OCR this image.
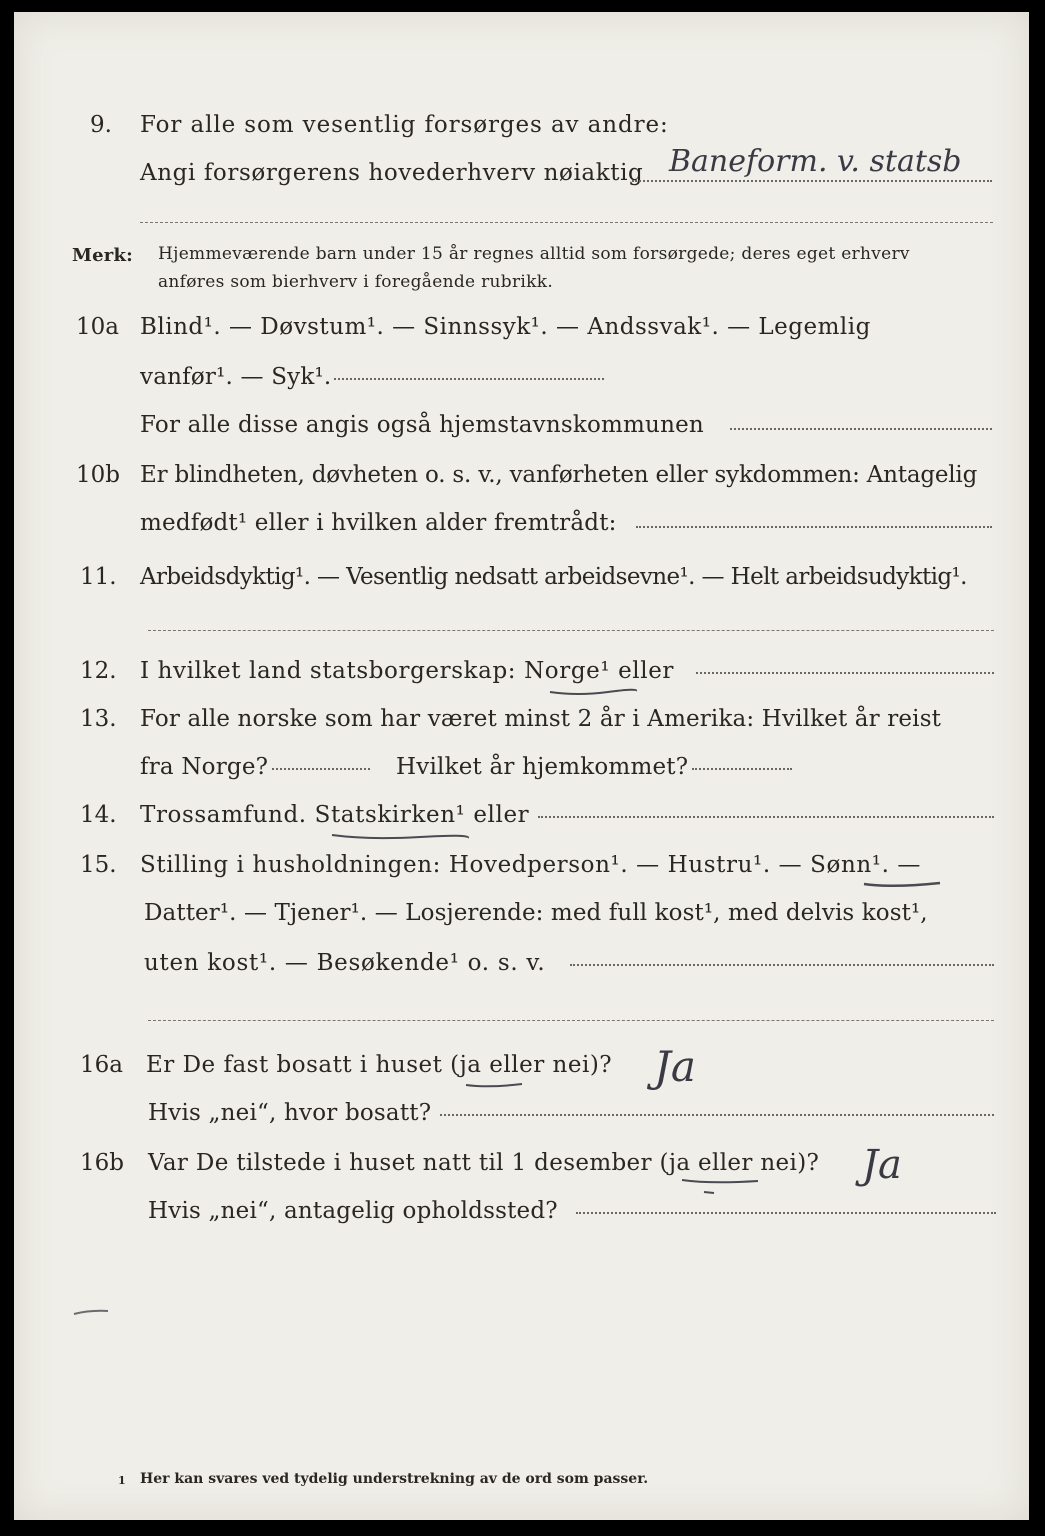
9. For alle som vesentlig forsørges av andre:
Angi forsørgerens hovederhverv nøiaktig Baneform. v. statsb
Merk: Hjemmeværende barn under 15 år regnes alltid som forsørgede; deres eget erhverv
anføres som bierhverv i foregående rubrikk.
10a Blind¹. — Døvstum¹. — Sinnssyk¹. — Andssvak¹. — Legemlig
vanfør¹. — Syk¹.
For alle disse angis også hjemstavnskommunen
10b Er blindheten, døvheten o. s. v., vanførheten eller sykdommen: Antagelig
medfødt¹ eller i hvilken alder fremtrådt:
11. Arbeidsdyktig¹. — Vesentlig nedsatt arbeidsevne¹. — Helt arbeidsudyktig¹.
12. I hvilket land statsborgerskap: Norge¹ eller
13. For alle norske som har været minst 2 år i Amerika: Hvilket år reist
fra Norge?	Hvilket år hjemkommet?
14. Trossamfund. Statskirken¹ eller
15. Stilling i husholdningen: Hovedperson¹. — Hustru¹. — Sønn¹. —
Datter¹. — Tjener¹. — Losjerende: med full kost¹, med delvis kost¹,
uten kost¹. — Besøkende¹ o. s. v.
16a Er De fast bosatt i huset (ja eller nei)? Ja
Hvis „nei“, hvor bosatt?
16b Var De tilstede i huset natt til 1 desember (ja eller nei)? Ja
Hvis „nei“, antagelig opholdssted?
1 Her kan svares ved tydelig understrekning av de ord som passer.
